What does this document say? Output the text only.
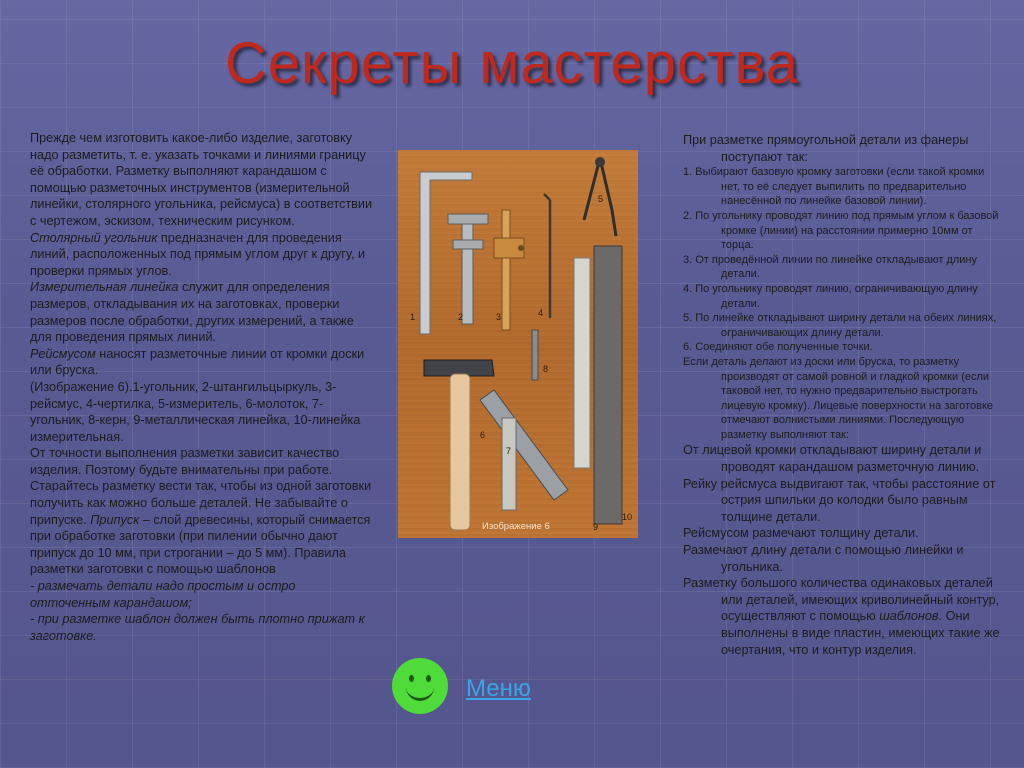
Секреты мастерства

Прежде чем изготовить какое-либо изделие, заготовку надо разметить, т. е. указать точками и линиями границу её обработки. Разметку выполняют карандашом с помощью разметочных инструментов (измерительной линейки, столярного угольника, рейсмуса) в соответствии с чертежом, эскизом, техническим рисунком.
Столярный угольник предназначен для проведения линий, расположенных под прямым углом друг к другу, и проверки прямых углов.
Измерительная линейка служит для определения размеров, откладывания их на заготовках, проверки размеров после обработки, других измерений, а также для проведения прямых линий.
Рейсмусом наносят разметочные линии от кромки доски или бруска.
(Изображение 6).1-угольник, 2-штангильцыркуль, 3-рейсмус, 4-чертилка, 5-измеритель, 6-молоток, 7-угольник, 8-керн, 9-металлическая линейка, 10-линейка измерительная.
От точности выполнения разметки зависит качество изделия. Поэтому будьте внимательны при работе. Старайтесь разметку вести так, чтобы из одной заготовки получить как можно больше деталей. Не забывайте о припуске. Припуск – слой древесины, который снимается при обработке заготовки (при пилении обычно дают припуск до 10 мм, при строгании – до 5 мм). Правила разметки заготовки с помощью шаблонов
- размечать детали надо простым и остро отточенным карандашом;
- при разметке шаблон должен быть плотно прижат к заготовке.

1	2	3	4
5
6
7
8
9
10
Изображение 6

При разметке прямоугольной детали из фанеры поступают так:

1. Выбирают базовую кромку заготовки (если такой кромки нет, то её следует выпилить по предварительно нанесённой по линейке базовой линии).

2. По угольнику проводят линию под прямым углом к базовой кромке (линии) на расстоянии примерно 10мм от торца.

3. От проведённой линии по линейке откладывают длину детали.

4. По угольнику проводят линию, ограничивающую длину детали.

5. По линейке откладывают ширину детали на обеих линиях, ограничивающих длину детали.

6. Соединяют обе полученные точки.

Если деталь делают из доски или бруска, то разметку производят от самой ровной и гладкой кромки (если таковой нет, то нужно предварительно выстрогать лицевую кромку). Лицевые поверхности на заготовке отмечают волнистыми линиями. Последующую разметку выполняют так:

От лицевой кромки откладывают ширину детали и проводят карандашом разметочную линию.

Рейку рейсмуса выдвигают так, чтобы расстояние от острия шпильки до колодки было равным толщине детали.

Рейсмусом размечают толщину детали.

Размечают длину детали с помощью линейки и угольника.

Разметку большого количества одинаковых деталей или деталей, имеющих криволинейный контур, осуществляют с помощью шаблонов. Они выполнены в виде пластин, имеющих такие же очертания, что и контур изделия.

Меню
